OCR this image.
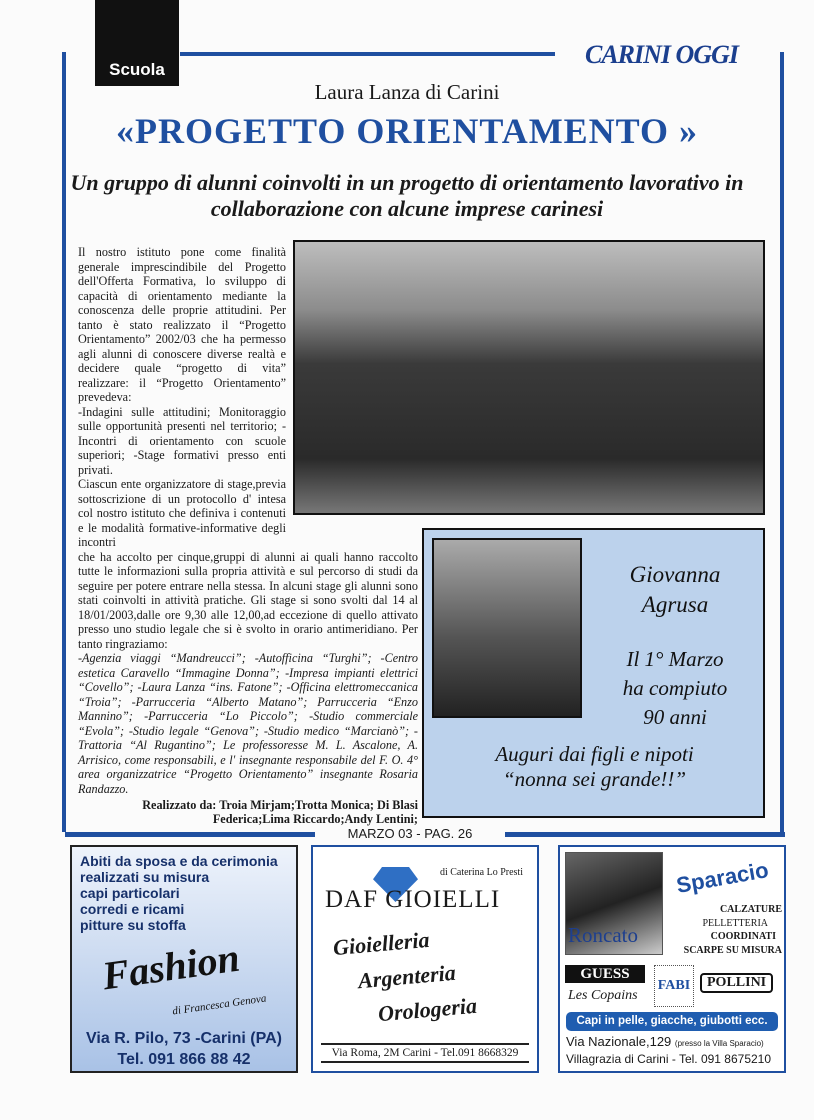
Scuola
CARINI OGGI
Laura Lanza di Carini
«PROGETTO ORIENTAMENTO »
Un gruppo di alunni coinvolti in un progetto di orientamento lavorativo in collaborazione con alcune imprese carinesi

Il nostro istituto pone come finalità generale imprescindibile del Progetto dell'Offerta Formativa, lo sviluppo di capacità di orientamento mediante la conoscenza delle proprie attitudini. Per tanto è stato realizzato il “Progetto Orientamento” 2002/03 che ha permesso agli alunni di conoscere diverse realtà e decidere quale “progetto di vita” realizzare: il “Progetto Orientamento” prevedeva:

-Indagini sulle attitudini; Monitoraggio sulle opportunità presenti nel territorio; -Incontri di orientamento con scuole superiori; -Stage formativi presso enti privati.

Ciascun ente organizzatore di stage,previa sottoscrizione di un protocollo d' intesa col nostro istituto che definiva i contenuti e le modalità formative-informative degli incontri

che ha accolto per cinque,gruppi di alunni ai quali hanno raccolto tutte le informazioni sulla propria attività e sul percorso di studi da seguire per potere entrare nella stessa. In alcuni stage gli alunni sono stati coinvolti in attività pratiche. Gli stage si sono svolti dal 14 al 18/01/2003,dalle ore 9,30 alle 12,00,ad eccezione di quello attivato presso uno studio legale che si è svolto in orario antimeridiano. Per tanto ringraziamo:

-Agenzia viaggi “Mandreucci”; -Autofficina “Turghi”; -Centro estetica Caravello “Immagine Donna”; -Impresa impianti elettrici “Covello”; -Laura Lanza “ins. Fatone”; -Officina elettromeccanica “Troia”; -Parrucceria “Alberto Matano”; Parrucceria “Enzo Mannino”; -Parrucceria “Lo Piccolo”; -Studio commerciale “Evola”; -Studio legale “Genova”; -Studio medico “Marcianò”; -Trattoria “Al Rugantino”; Le professoresse M. L. Ascalone, A. Arrisico, come responsabili, e l' insegnante responsabile del F. O. 4° area organizzatrice “Progetto Orientamento” insegnante Rosaria Randazzo.

Realizzato da: Troia Mirjam;Trotta Monica; Di Blasi
Federica;Lima Riccardo;Andy Lentini;
Giovanna
Agrusa
Il 1° Marzo
ha compiuto
90 anni
Auguri dai figli e nipoti
“nonna sei grande!!”
MARZO 03 - PAG. 26
Abiti da sposa e da cerimonia
realizzati su misura
capi particolari
corredi e ricami
pitture su stoffa
Fashion
di Francesca Genova
Via R. Pilo, 73 -Carini (PA)
Tel. 091 866 88 42
di Caterina Lo Presti
DAF GIOIELLI
Gioielleria
Argenteria
Orologeria
Via Roma, 2M Carini - Tel.091 8668329
Roncato
Sparacio
CALZATURE
PELLETTERIA
COORDINATI
SCARPE SU MISURA
GUESS
Les Copains
FABI	POLLINI
Capi in pelle, giacche, giubotti ecc.
Via Nazionale,129 (presso la Villa Sparacio)
Villagrazia di Carini - Tel. 091 8675210
